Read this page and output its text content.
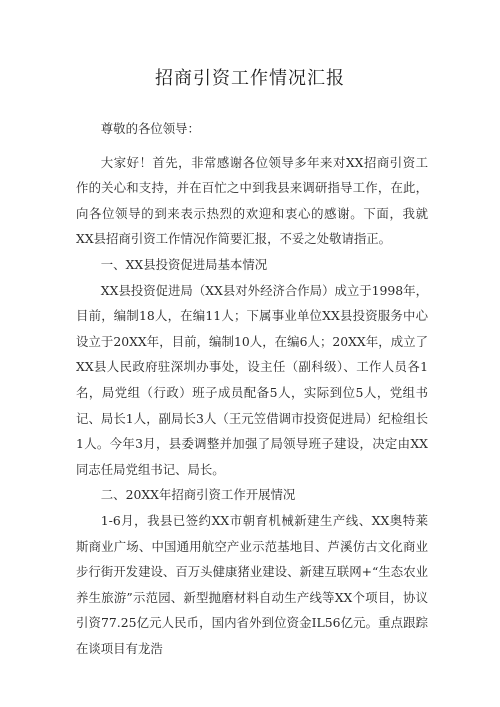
招商引资工作情况汇报

尊敬的各位领导：

大家好！首先，非常感谢各位领导多年来对XX招商引资工作的关心和支持，并在百忙之中到我县来调研指导工作，在此，向各位领导的到来表示热烈的欢迎和衷心的感谢。下面，我就XX县招商引资工作情况作简要汇报，不妥之处敬请指正。

一、XX县投资促进局基本情况

XX县投资促进局（XX县对外经济合作局）成立于1998年，目前，编制18人，在编11人；下属事业单位XX县投资服务中心设立于20XX年，目前，编制10人，在编6人；20XX年，成立了XX县人民政府驻深圳办事处，设主任（副科级）、工作人员各1名，局党组（行政）班子成员配备5人，实际到位5人，党组书记、局长1人，副局长3人（王元笠借调市投资促进局）纪检组长1人。今年3月，县委调整并加强了局领导班子建设，决定由XX同志任局党组书记、局长。

二、20XX年招商引资工作开展情况

1-6月，我县已签约XX市朝育机械新建生产线、XX奥特莱斯商业广场、中国通用航空产业示范基地目、芦溪仿古文化商业步行街开发建设、百万头健康猪业建设、新建互联网+“生态农业养生旅游”示范园、新型抛磨材料自动生产线等XX个项目，协议引资77.25亿元人民币，国内省外到位资金IL56亿元。重点跟踪在谈项目有龙浩
